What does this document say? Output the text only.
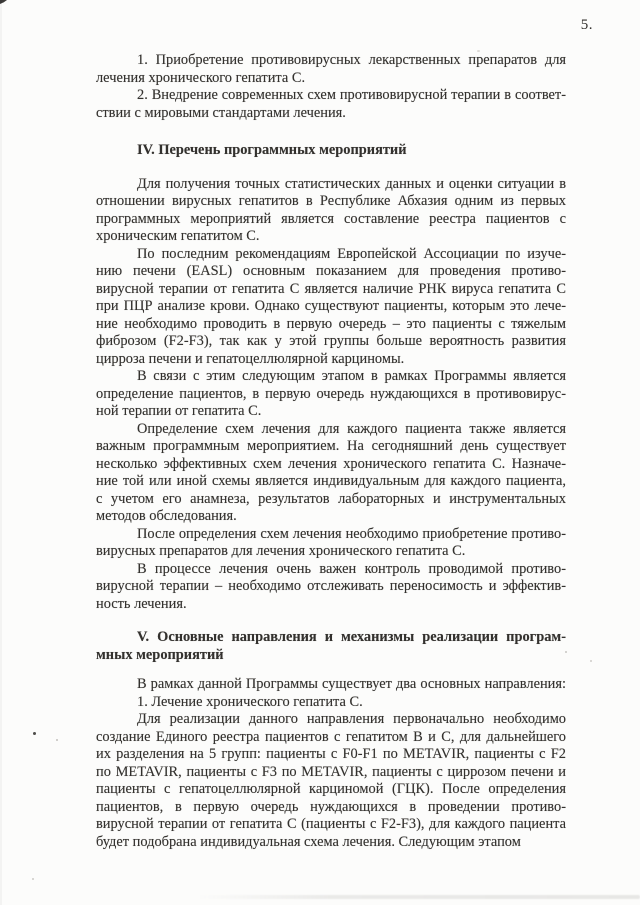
5.
1. Приобретение противовирусных лекарственных препаратов для
лечения хронического гепатита С.
2. Внедрение современных схем противовирусной терапии в соответ-
ствии с мировыми стандартами лечения.
IV. Перечень программных мероприятий
Для получения точных статистических данных и оценки ситуации в
отношении вирусных гепатитов в Республике Абхазия одним из первых
программных мероприятий является составление реестра пациентов с
хроническим гепатитом С.
По последним рекомендациям Европейской Ассоциации по изуче-
нию печени (EASL) основным показанием для проведения противо-
вирусной терапии от гепатита С является наличие РНК вируса гепатита С
при ПЦР анализе крови. Однако существуют пациенты, которым это лече-
ние необходимо проводить в первую очередь – это пациенты с тяжелым
фиброзом (F2-F3), так как у этой группы больше вероятность развития
цирроза печени и гепатоцеллюлярной карциномы.
В связи с этим следующим этапом в рамках Программы является
определение пациентов, в первую очередь нуждающихся в противовирус-
ной терапии от гепатита С.
Определение схем лечения для каждого пациента также является
важным программным мероприятием. На сегодняшний день существует
несколько эффективных схем лечения хронического гепатита С. Назначе-
ние той или иной схемы является индивидуальным для каждого пациента,
с учетом его анамнеза, результатов лабораторных и инструментальных
методов обследования.
После определения схем лечения необходимо приобретение противо-
вирусных препаратов для лечения хронического гепатита С.
В процессе лечения очень важен контроль проводимой противо-
вирусной терапии – необходимо отслеживать переносимость и эффектив-
ность лечения.
V. Основные направления и механизмы реализации програм-
мных мероприятий
В рамках данной Программы существует два основных направления:
1. Лечение хронического гепатита С.
Для реализации данного направления первоначально необходимо
создание Единого реестра пациентов с гепатитом В и С, для дальнейшего
их разделения на 5 групп: пациенты с F0-F1 по METAVIR, пациенты с F2
по METAVIR, пациенты с F3 по METAVIR, пациенты с циррозом печени и
пациенты с гепатоцеллюлярной карциномой (ГЦК). После определения
пациентов, в первую очередь нуждающихся в проведении противо-
вирусной терапии от гепатита С (пациенты с F2-F3), для каждого пациента
будет подобрана индивидуальная схема лечения. Следующим этапом
